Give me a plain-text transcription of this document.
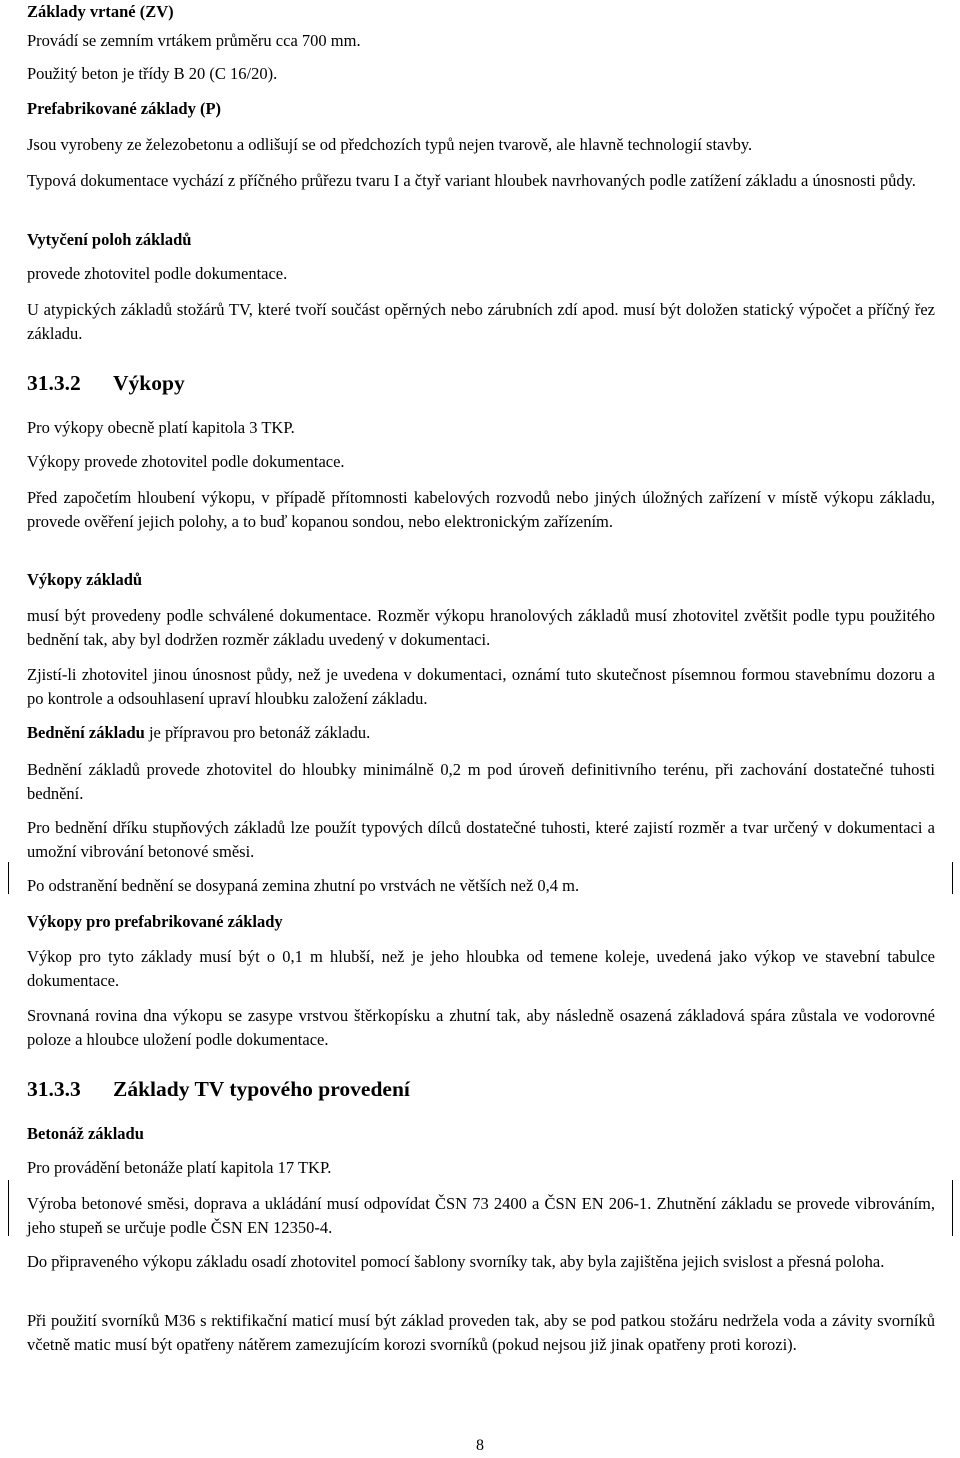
Základy vrtané (ZV)

Provádí se zemním vrtákem průměru cca 700 mm.

Použitý beton je třídy B 20 (C 16/20).

Prefabrikované základy (P)

Jsou vyrobeny ze železobetonu a odlišují se od předchozích typů nejen tvarově, ale hlavně technologií stavby.

Typová dokumentace vychází z příčného průřezu tvaru I a čtyř variant hloubek navrhovaných podle zatížení základu a únosnosti půdy.

Vytyčení poloh základů

provede zhotovitel podle dokumentace.

U atypických základů stožárů TV, které tvoří součást opěrných nebo zárubních zdí apod. musí být doložen statický výpočet a příčný řez základu.

31.3.2 Výkopy

Pro výkopy obecně platí kapitola 3 TKP.

Výkopy provede zhotovitel podle dokumentace.

Před započetím hloubení výkopu, v případě přítomnosti kabelových rozvodů nebo jiných úložných zařízení v místě výkopu základu, provede ověření jejich polohy, a to buď kopanou sondou, nebo elektronickým zařízením.

Výkopy základů

musí být provedeny podle schválené dokumentace. Rozměr výkopu hranolových základů musí zhotovitel zvětšit podle typu použitého bednění tak, aby byl dodržen rozměr základu uvedený v dokumentaci.

Zjistí-li zhotovitel jinou únosnost půdy, než je uvedena v dokumentaci, oznámí tuto skutečnost písemnou formou stavebnímu dozoru a po kontrole a odsouhlasení upraví hloubku založení základu.

Bednění základu je přípravou pro betonáž základu.

Bednění základů provede zhotovitel do hloubky minimálně 0,2 m pod úroveň definitivního terénu, při zachování dostatečné tuhosti bednění.

Pro bednění dříku stupňových základů lze použít typových dílců dostatečné tuhosti, které zajistí rozměr a tvar určený v dokumentaci a umožní vibrování betonové směsi.

Po odstranění bednění se dosypaná zemina zhutní po vrstvách ne větších než 0,4 m.

Výkopy pro prefabrikované základy

Výkop pro tyto základy musí být o 0,1 m hlubší, než je jeho hloubka od temene koleje, uvedená jako výkop ve stavební tabulce dokumentace.

Srovnaná rovina dna výkopu se zasype vrstvou štěrkopísku a zhutní tak, aby následně osazená základová spára zůstala ve vodorovné poloze a hloubce uložení podle dokumentace.

31.3.3 Základy TV typového provedení

Betonáž základu

Pro provádění betonáže platí kapitola 17 TKP.

Výroba betonové směsi, doprava a ukládání musí odpovídat ČSN 73 2400 a ČSN EN 206-1. Zhutnění základu se provede vibrováním, jeho stupeň se určuje podle ČSN EN 12350-4.

Do připraveného výkopu základu osadí zhotovitel pomocí šablony svorníky tak, aby byla zajištěna jejich svislost a přesná poloha.

Při použití svorníků M36 s rektifikační maticí musí být základ proveden tak, aby se pod patkou stožáru nedržela voda a závity svorníků včetně matic musí být opatřeny nátěrem zamezujícím korozi svorníků (pokud nejsou již jinak opatřeny proti korozi).

8
